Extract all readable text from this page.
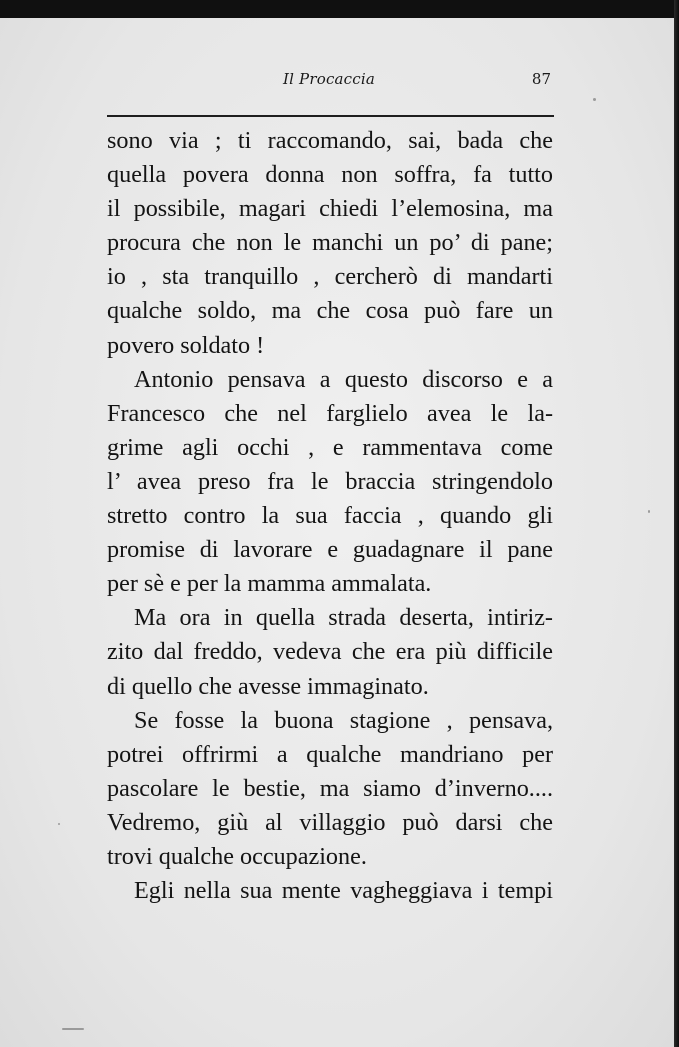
Il Procaccia	87
sono via ; ti raccomando, sai, bada che
quella povera donna non soffra, fa tutto
il possibile, magari chiedi l’elemosina, ma
procura che non le manchi un po’ di pane;
io , sta tranquillo , cercherò di mandarti
qualche soldo, ma che cosa può fare un
povero soldato !
Antonio pensava a questo discorso e a
Francesco che nel farglielo avea le la-
grime agli occhi , e rammentava come
l’ avea preso fra le braccia stringendolo
stretto contro la sua faccia , quando gli
promise di lavorare e guadagnare il pane
per sè e per la mamma ammalata.
Ma ora in quella strada deserta, intiriz-
zito dal freddo, vedeva che era più difficile
di quello che avesse immaginato.
Se fosse la buona stagione , pensava,
potrei offrirmi a qualche mandriano per
pascolare le bestie, ma siamo d’inverno....
Vedremo, giù al villaggio può darsi che
trovi qualche occupazione.
Egli nella sua mente vagheggiava i tempi
